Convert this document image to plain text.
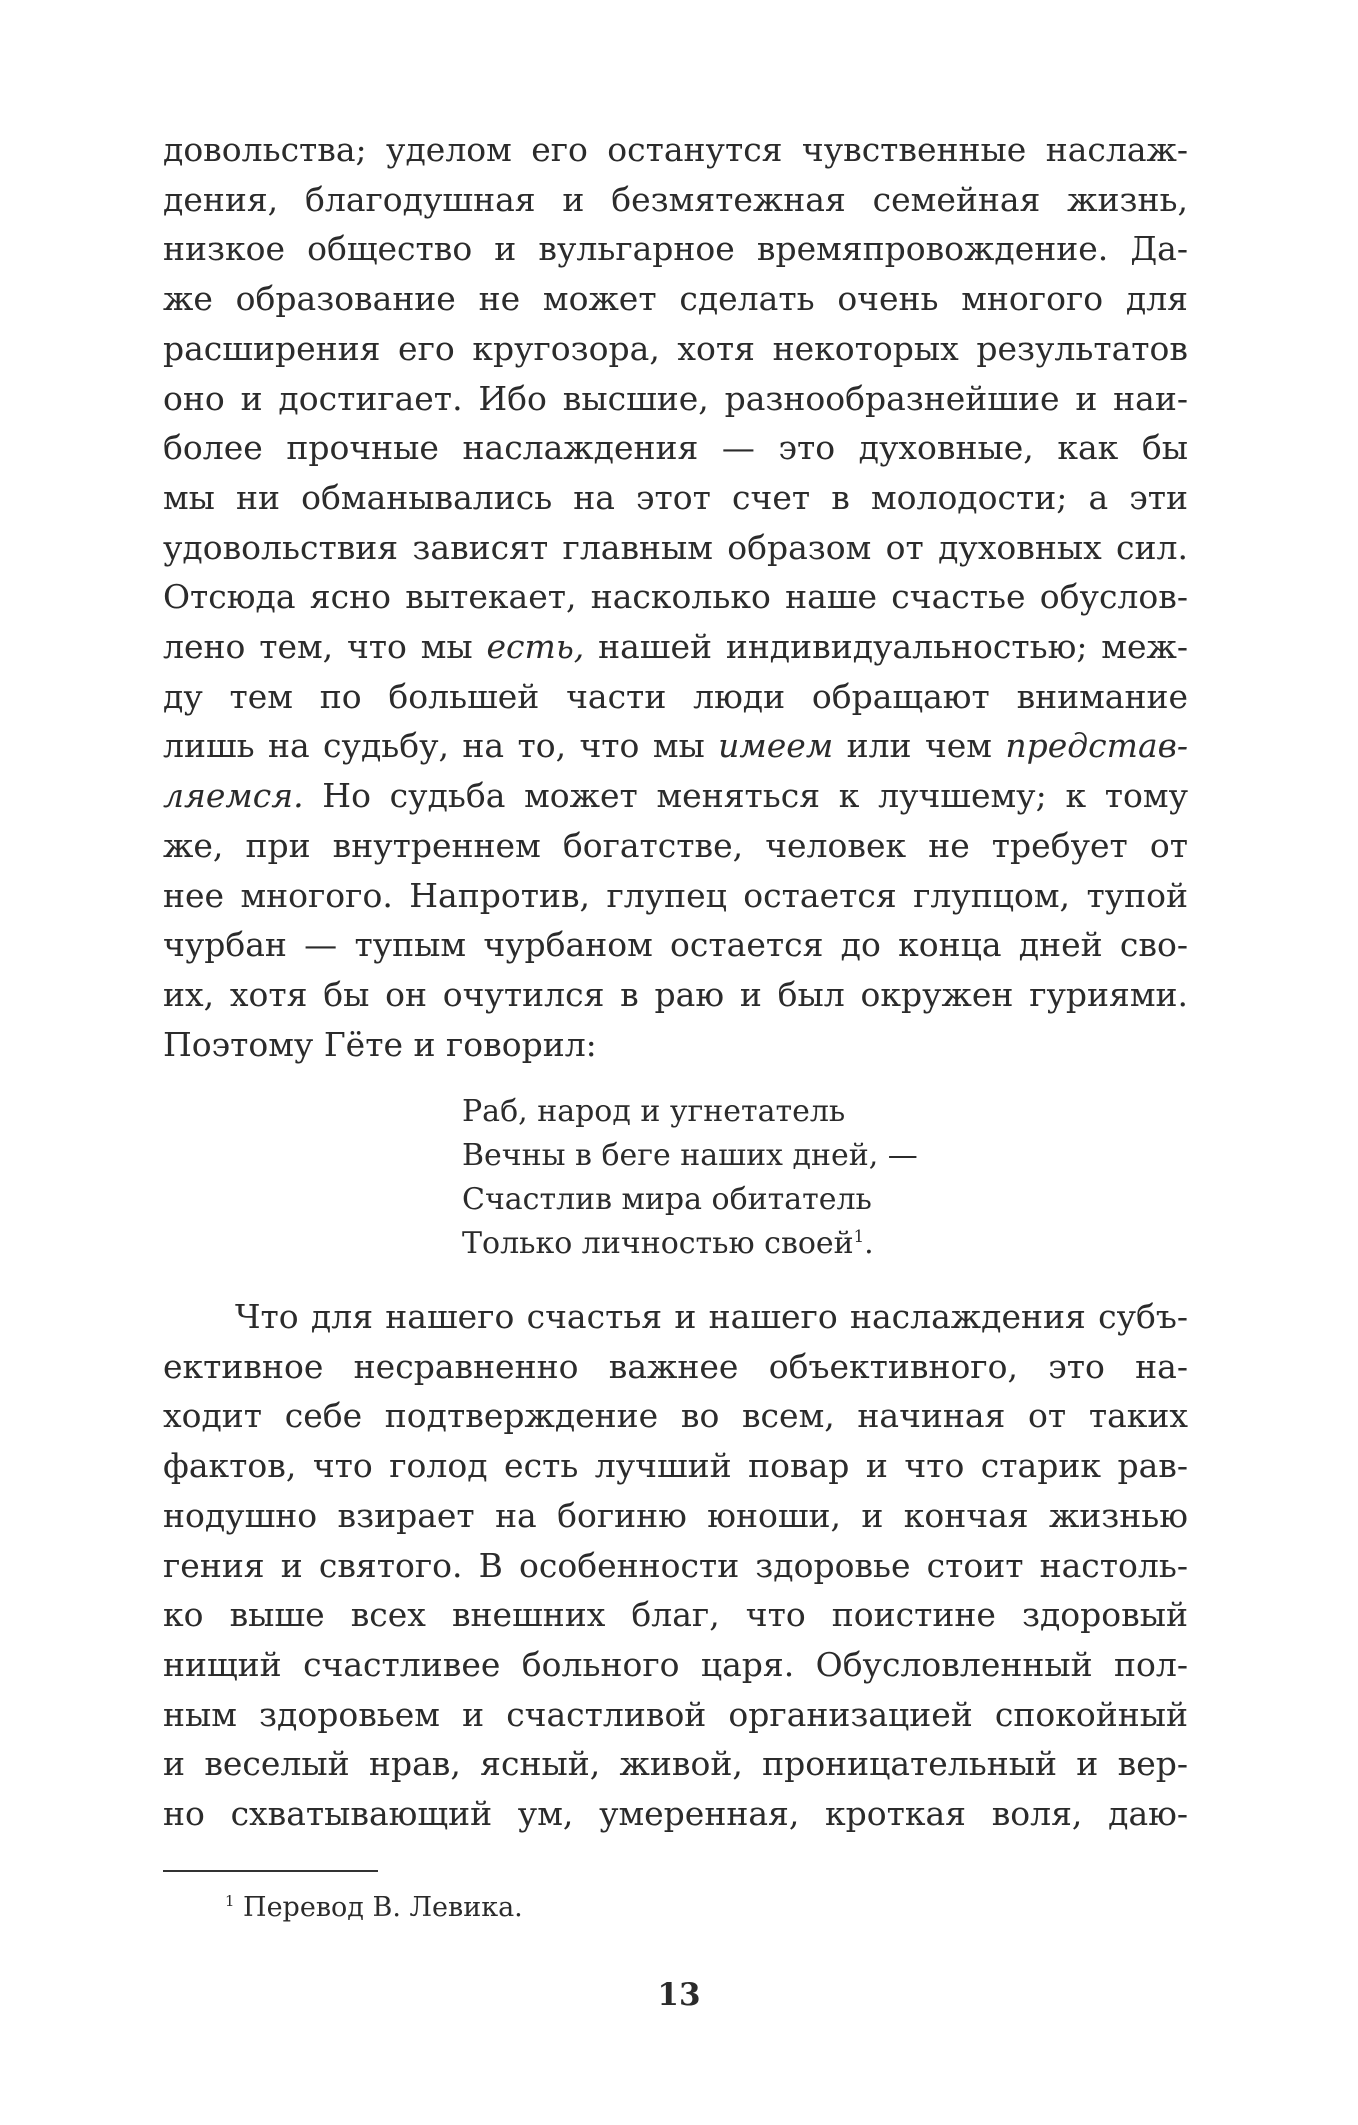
довольства; уделом его останутся чувственные наслаж-
дения, благодушная и безмятежная семейная жизнь,
низкое общество и вульгарное времяпровождение. Да-
же образование не может сделать очень многого для
расширения его кругозора, хотя некоторых результатов
оно и достигает. Ибо высшие, разнообразнейшие и наи-
более прочные наслаждения — это духовные, как бы
мы ни обманывались на этот счет в молодости; а эти
удовольствия зависят главным образом от духовных сил.
Отсюда ясно вытекает, насколько наше счастье обуслов-
лено тем, что мы есть, нашей индивидуальностью; меж-
ду тем по большей части люди обращают внимание
лишь на судьбу, на то, что мы имеем или чем представ-
ляемся. Но судьба может меняться к лучшему; к тому
же, при внутреннем богатстве, человек не требует от
нее многого. Напротив, глупец остается глупцом, тупой
чурбан — тупым чурбаном остается до конца дней сво-
их, хотя бы он очутился в раю и был окружен гуриями.
Поэтому Гёте и говорил:

Раб, народ и угнетатель
Вечны в беге наших дней, —
Счастлив мира обитатель
Только личностью своей$^1$.

Что для нашего счастья и нашего наслаждения субъ-
ективное несравненно важнее объективного, это на-
ходит себе подтверждение во всем, начиная от таких
фактов, что голод есть лучший повар и что старик рав-
нодушно взирает на богиню юноши, и кончая жизнью
гения и святого. В особенности здоровье стоит настоль-
ко выше всех внешних благ, что поистине здоровый
нищий счастливее больного царя. Обусловленный пол-
ным здоровьем и счастливой организацией спокойный
и веселый нрав, ясный, живой, проницательный и вер-
но схватывающий ум, умеренная, кроткая воля, даю-

$^1$ Перевод В. Левика.
13
